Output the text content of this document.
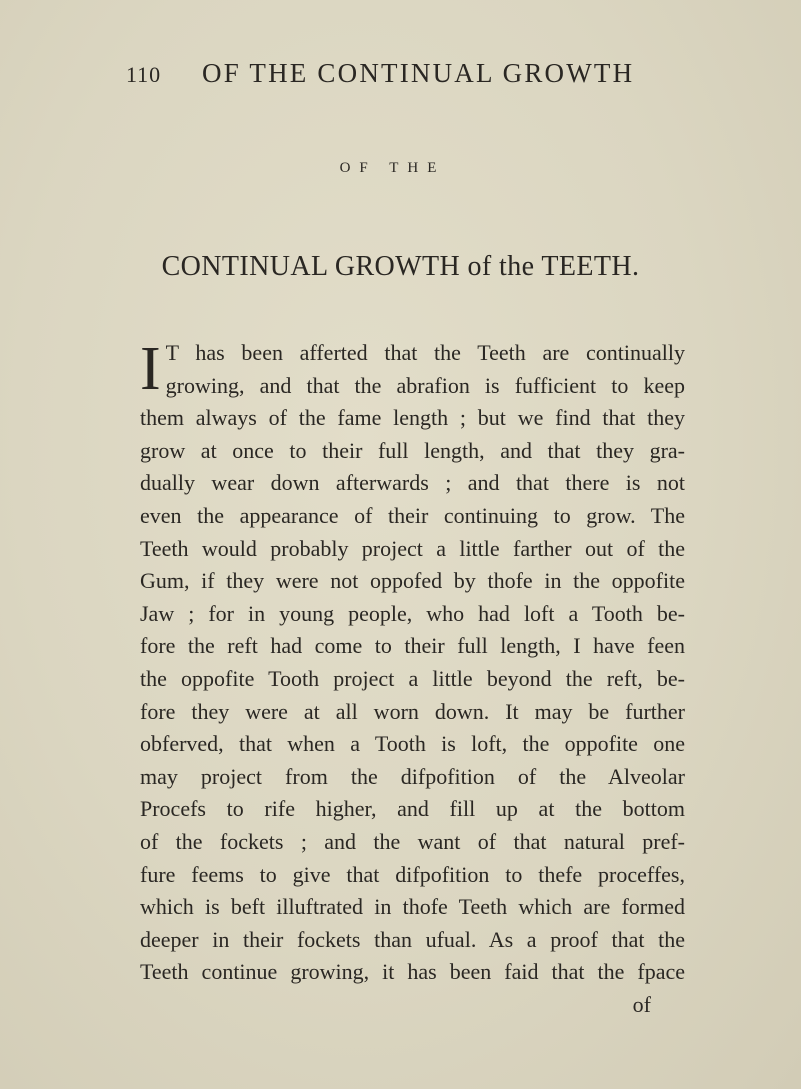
110 OF THE CONTINUAL GROWTH
OF THE
CONTINUAL GROWTH of the TEETH.
I T has been afferted that the Teeth are continually
growing, and that the abrafion is fufficient to keep
them always of the fame length ; but we find that they
grow at once to their full length, and that they gra-
dually wear down afterwards ; and that there is not
even the appearance of their continuing to grow. The
Teeth would probably project a little farther out of the
Gum, if they were not oppofed by thofe in the oppofite
Jaw ; for in young people, who had loft a Tooth be-
fore the reft had come to their full length, I have feen
the oppofite Tooth project a little beyond the reft, be-
fore they were at all worn down. It may be further
obferved, that when a Tooth is loft, the oppofite one
may project from the difpofition of the Alveolar
Procefs to rife higher, and fill up at the bottom
of the fockets ; and the want of that natural pref-
fure feems to give that difpofition to thefe proceffes,
which is beft illuftrated in thofe Teeth which are formed
deeper in their fockets than ufual. As a proof that the
Teeth continue growing, it has been faid that the fpace
of
